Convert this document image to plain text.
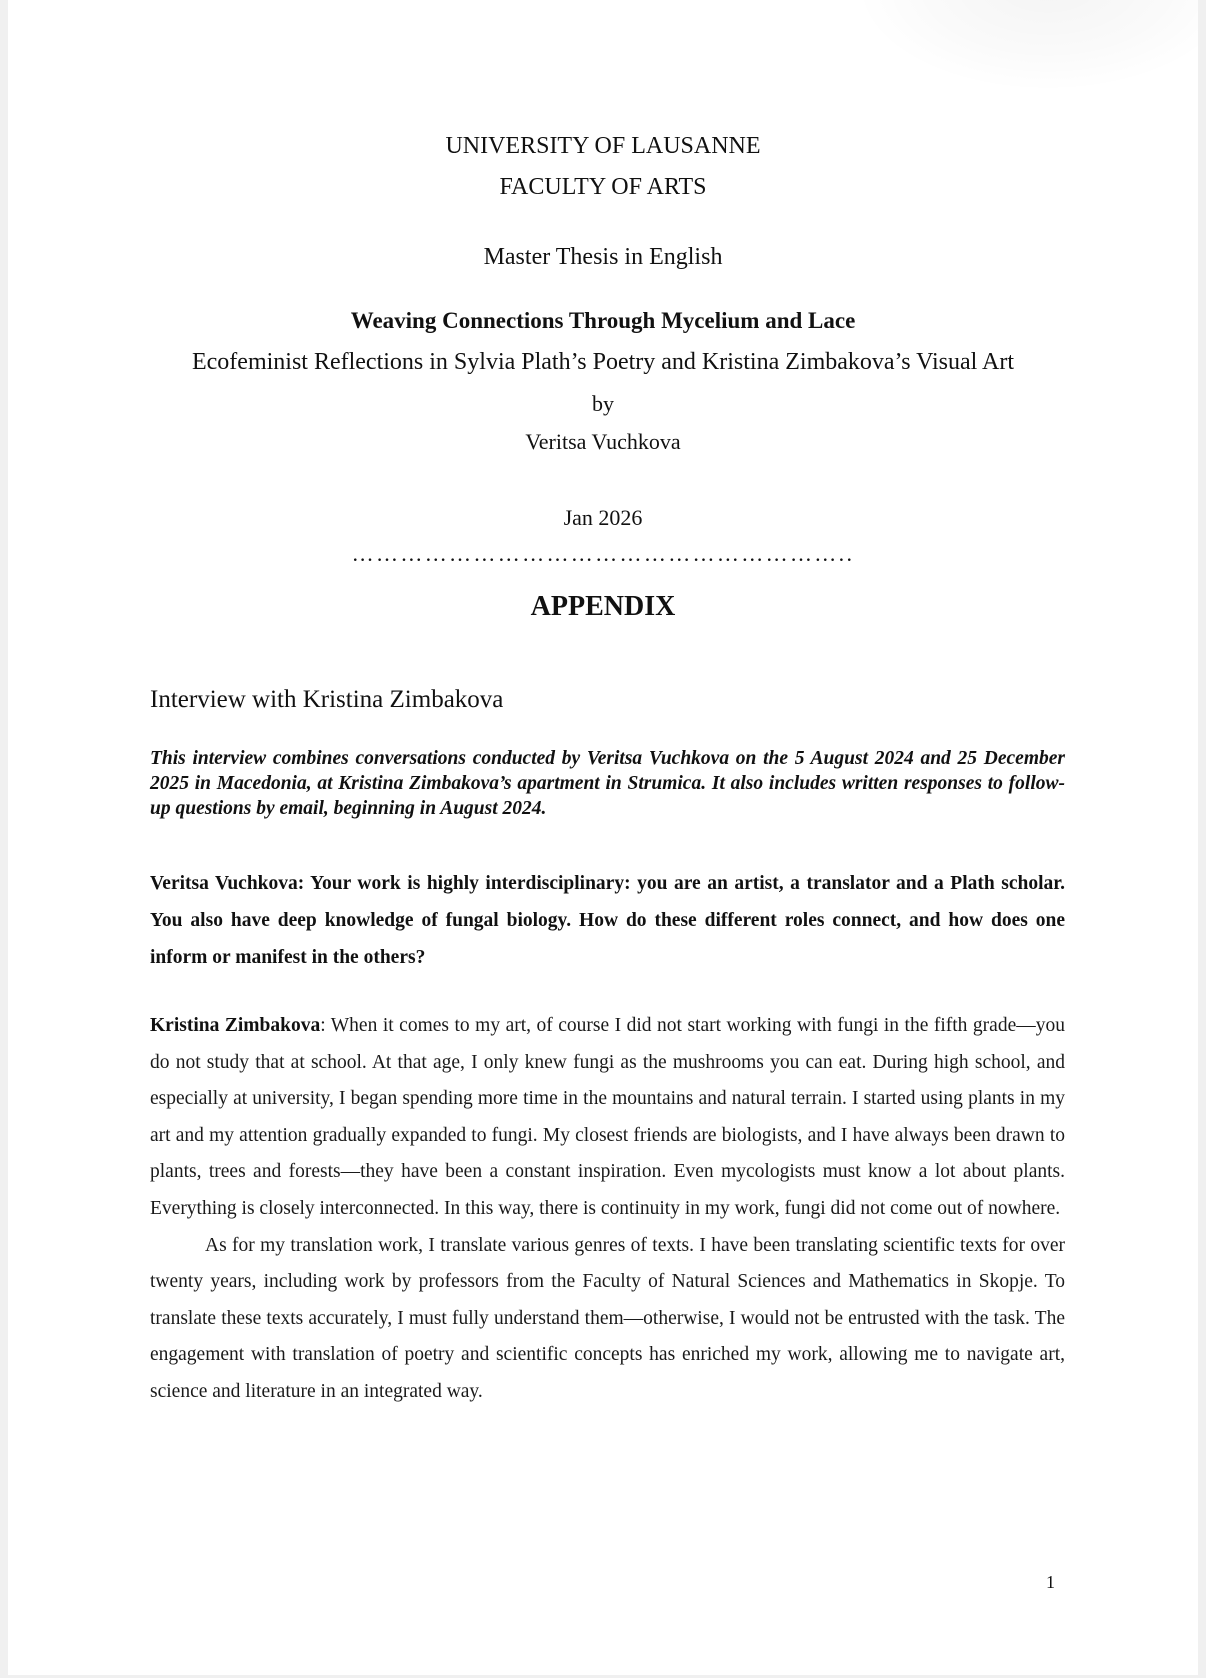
UNIVERSITY OF LAUSANNE
FACULTY OF ARTS
Master Thesis in English
Weaving Connections Through Mycelium and Lace
Ecofeminist Reflections in Sylvia Plath’s Poetry and Kristina Zimbakova’s Visual Art
by
Veritsa Vuchkova
Jan 2026
……………………………………………………..
APPENDIX
Interview with Kristina Zimbakova
This interview combines conversations conducted by Veritsa Vuchkova on the 5 August 2024 and 25 December 2025 in Macedonia, at Kristina Zimbakova’s apartment in Strumica. It also includes written responses to follow-up questions by email, beginning in August 2024.
Veritsa Vuchkova: Your work is highly interdisciplinary: you are an artist, a translator and a Plath scholar. You also have deep knowledge of fungal biology. How do these different roles connect, and how does one inform or manifest in the others?

Kristina Zimbakova: When it comes to my art, of course I did not start working with fungi in the fifth grade—you do not study that at school. At that age, I only knew fungi as the mushrooms you can eat. During high school, and especially at university, I began spending more time in the mountains and natural terrain. I started using plants in my art and my attention gradually expanded to fungi. My closest friends are biologists, and I have always been drawn to plants, trees and forests—they have been a constant inspiration. Even mycologists must know a lot about plants. Everything is closely interconnected. In this way, there is continuity in my work, fungi did not come out of nowhere.

As for my translation work, I translate various genres of texts. I have been translating scientific texts for over twenty years, including work by professors from the Faculty of Natural Sciences and Mathematics in Skopje. To translate these texts accurately, I must fully understand them—otherwise, I would not be entrusted with the task. The engagement with translation of poetry and scientific concepts has enriched my work, allowing me to navigate art, science and literature in an integrated way.

1
